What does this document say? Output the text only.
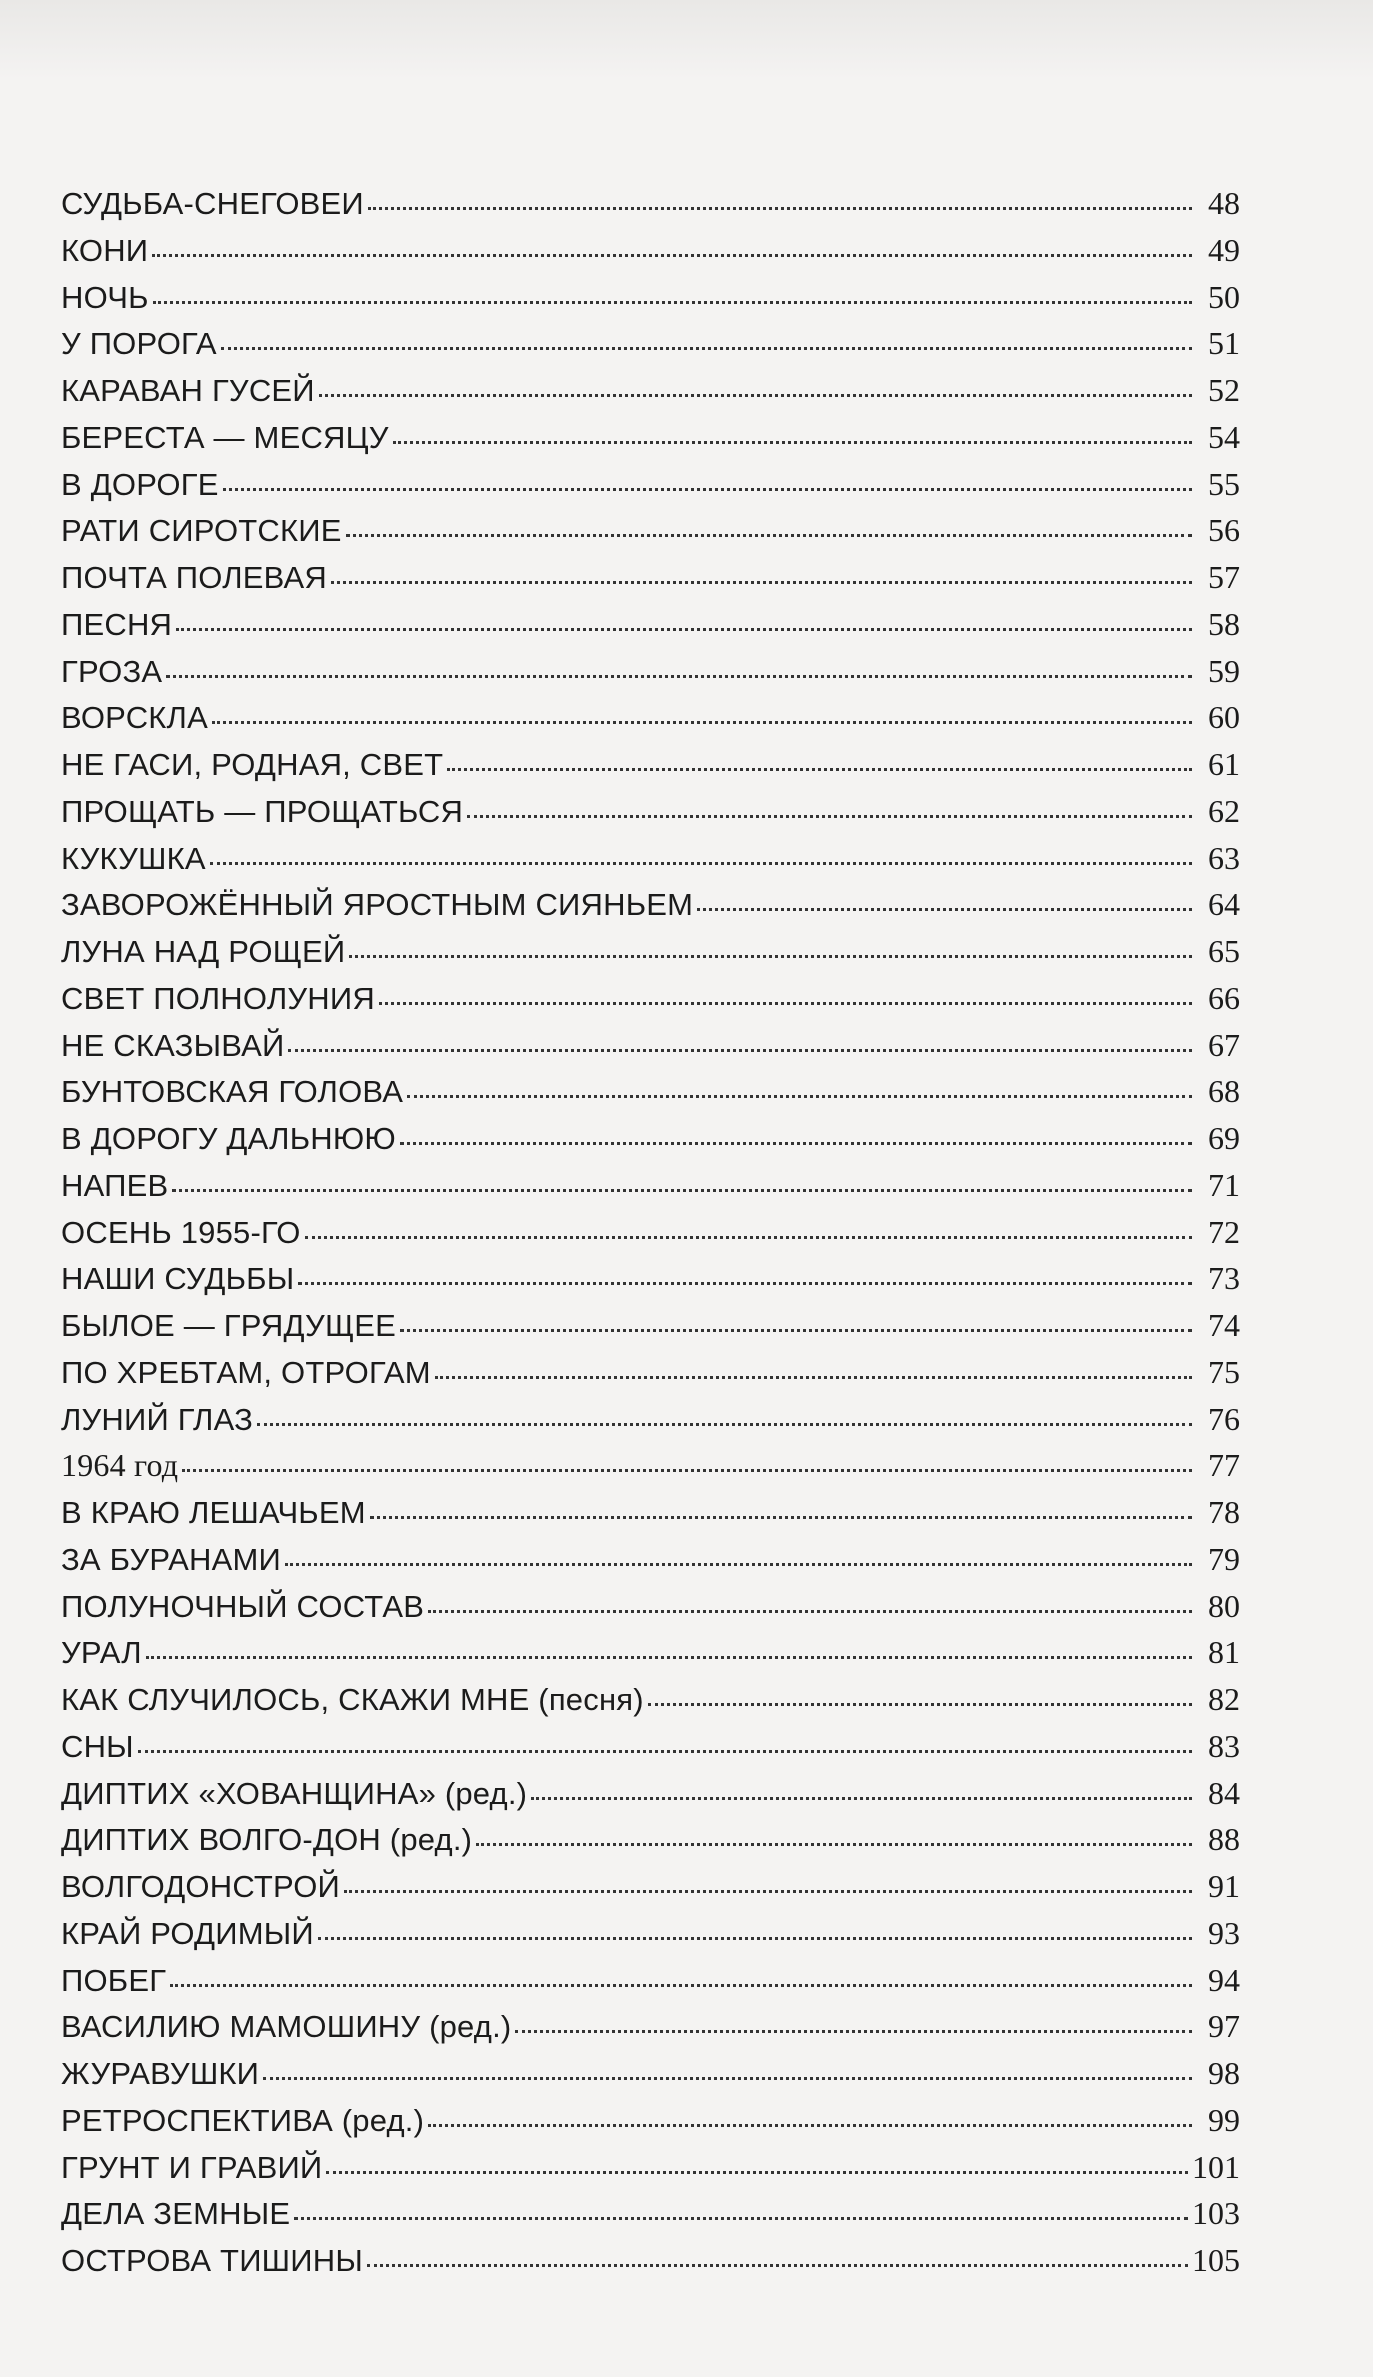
СУДЬБА-СНЕГОВЕИ	48
КОНИ	49
НОЧЬ	50
У ПОРОГА	51
КАРАВАН ГУСЕЙ	52
БЕРЕСТА — МЕСЯЦУ	54
В ДОРОГЕ	55
РАТИ СИРОТСКИЕ	56
ПОЧТА ПОЛЕВАЯ	57
ПЕСНЯ	58
ГРОЗА	59
ВОРСКЛА	60
НЕ ГАСИ, РОДНАЯ, СВЕТ	61
ПРОЩАТЬ — ПРОЩАТЬСЯ	62
КУКУШКА	63
ЗАВОРОЖЁННЫЙ ЯРОСТНЫМ СИЯНЬЕМ	64
ЛУНА НАД РОЩЕЙ	65
СВЕТ ПОЛНОЛУНИЯ	66
НЕ СКАЗЫВАЙ	67
БУНТОВСКАЯ ГОЛОВА	68
В ДОРОГУ ДАЛЬНЮЮ	69
НАПЕВ	71
ОСЕНЬ 1955-ГО	72
НАШИ СУДЬБЫ	73
БЫЛОЕ — ГРЯДУЩЕЕ	74
ПО ХРЕБТАМ, ОТРОГАМ	75
ЛУНИЙ ГЛАЗ	76
1964 год	77
В КРАЮ ЛЕШАЧЬЕМ	78
ЗА БУРАНАМИ	79
ПОЛУНОЧНЫЙ СОСТАВ	80
УРАЛ	81
КАК СЛУЧИЛОСЬ, СКАЖИ МНЕ (песня)	82
СНЫ	83
ДИПТИХ «ХОВАНЩИНА» (ред.)	84
ДИПТИХ ВОЛГО-ДОН (ред.)	88
ВОЛГОДОНСТРОЙ	91
КРАЙ РОДИМЫЙ	93
ПОБЕГ	94
ВАСИЛИЮ МАМОШИНУ (ред.)	97
ЖУРАВУШКИ	98
РЕТРОСПЕКТИВА (ред.)	99
ГРУНТ И ГРАВИЙ	101
ДЕЛА ЗЕМНЫЕ	103
ОСТРОВА ТИШИНЫ	105
